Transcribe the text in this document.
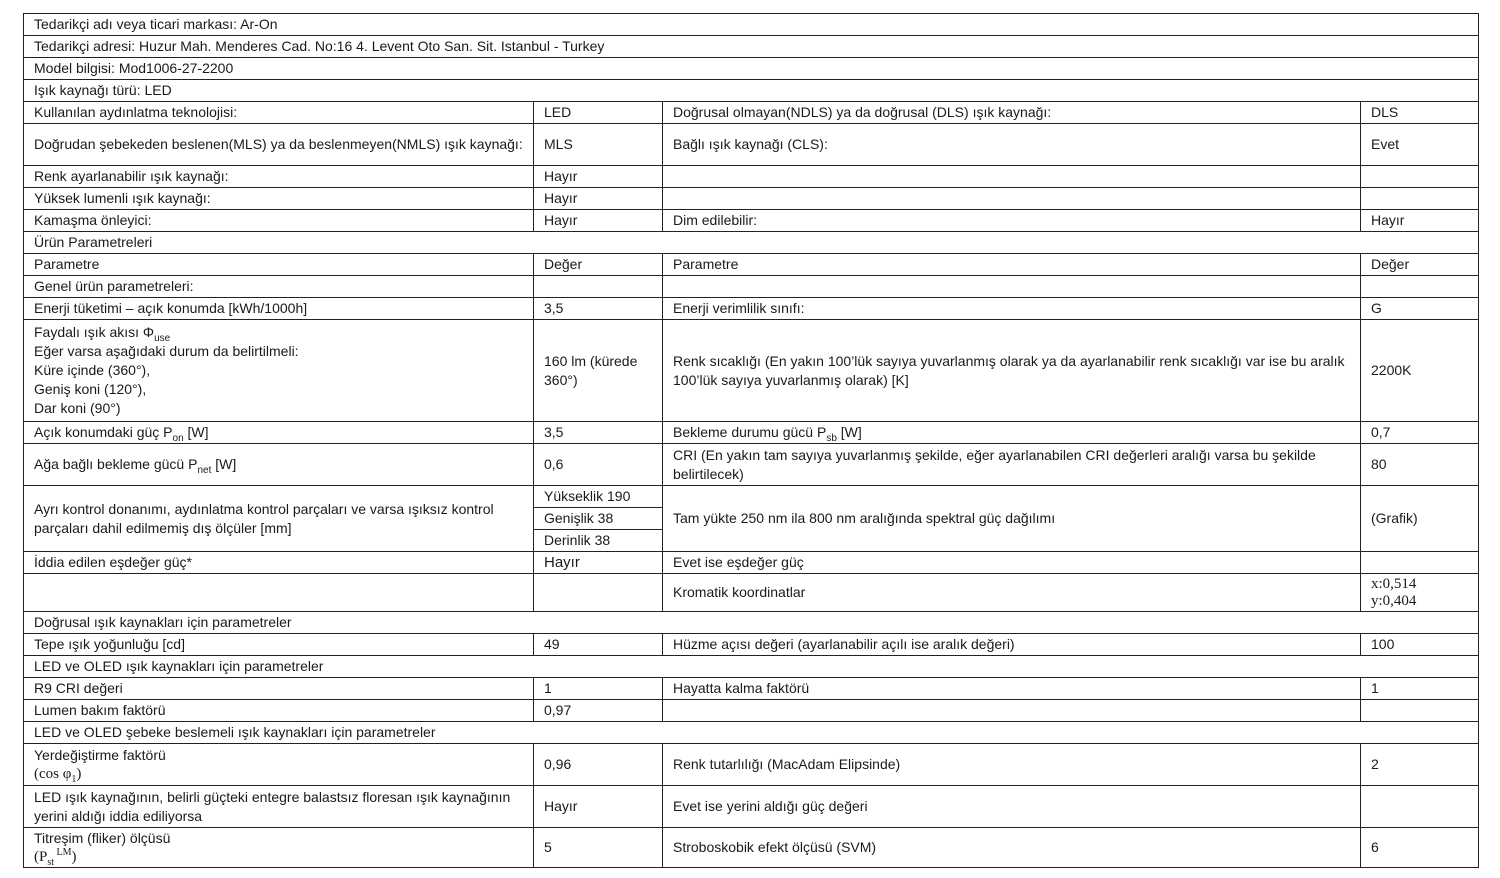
Tedarikçi adı veya ticari markası: Ar-On			
Tedarikçi adresi: Huzur Mah. Menderes Cad. No:16 4. Levent Oto San. Sit. Istanbul - Turkey			
Model bilgisi: Mod1006-27-2200			
Işık kaynağı türü: LED			
Kullanılan aydınlatma teknolojisi:	LED	Doğrusal olmayan(NDLS) ya da doğrusal (DLS) ışık kaynağı:	DLS
Doğrudan şebekeden beslenen(MLS) ya da beslenmeyen(NMLS) ışık kaynağı:	MLS	Bağlı ışık kaynağı (CLS):	Evet
Renk ayarlanabilir ışık kaynağı:	Hayır		
Yüksek lumenli ışık kaynağı:	Hayır		
Kamaşma önleyici:	Hayır	Dim edilebilir:	Hayır
Ürün Parametreleri			
Parametre	Değer	Parametre	Değer
Genel ürün parametreleri:			
Enerji tüketimi – açık konumda [kWh/1000h]	3,5	Enerji verimlilik sınıfı:	G

Faydalı ışık akısı $\Phi_{use}$
Eğer varsa aşağıdaki durum da belirtilmeli:
Küre içinde (360°),
Geniş koni (120°),
Dar koni (90°)	160 lm (kürede 360°)	Renk sıcaklığı (En yakın 100’lük sayıya yuvarlanmış olarak ya da ayarlanabilir renk sıcaklığı var ise bu aralık 100’lük sayıya yuvarlanmış olarak) [K]	2200K
Açık konumdaki güç $P_{on}$ [W]	3,5	Bekleme durumu gücü $P_{sb}$ [W]	0,7
Ağa bağlı bekleme gücü $P_{net}$ [W]	0,6	CRI (En yakın tam sayıya yuvarlanmış şekilde, eğer ayarlanabilen CRI değerleri aralığı varsa bu şekilde belirtilecek)	80
Ayrı kontrol donanımı, aydınlatma kontrol parçaları ve varsa ışıksız kontrol parçaları dahil edilmemiş dış ölçüler [mm]	Yükseklik 190	Tam yükte 250 nm ila 800 nm aralığında spektral güç dağılımı	(Grafik)
	Genişlik 38		
	Derinlik 38		
İddia edilen eşdeğer güç*	Hayır	Evet ise eşdeğer güç	
		Kromatik koordinatlar	x:0,514
y:0,404

Doğrusal ışık kaynakları için parametreler			
Tepe ışık yoğunluğu [cd]	49	Hüzme açısı değeri (ayarlanabilir açılı ise aralık değeri)	100
LED ve OLED ışık kaynakları için parametreler			
R9 CRI değeri	1	Hayatta kalma faktörü	1
Lumen bakım faktörü	0,97		
LED ve OLED şebeke beslemeli ışık kaynakları için parametreler			

Yerdeğiştirme faktörü
(cos $\varphi_1$)	0,96	Renk tutarlılığı (MacAdam Elipsinde)	2
LED ışık kaynağının, belirli güçteki entegre balastsız floresan ışık kaynağının yerini aldığı iddia ediliyorsa	Hayır	Evet ise yerini aldığı güç değeri	

Titreşim (fliker) ölçüsü
($P_{st}$ $^{LM}$)	5	Stroboskobik efekt ölçüsü (SVM)	6
